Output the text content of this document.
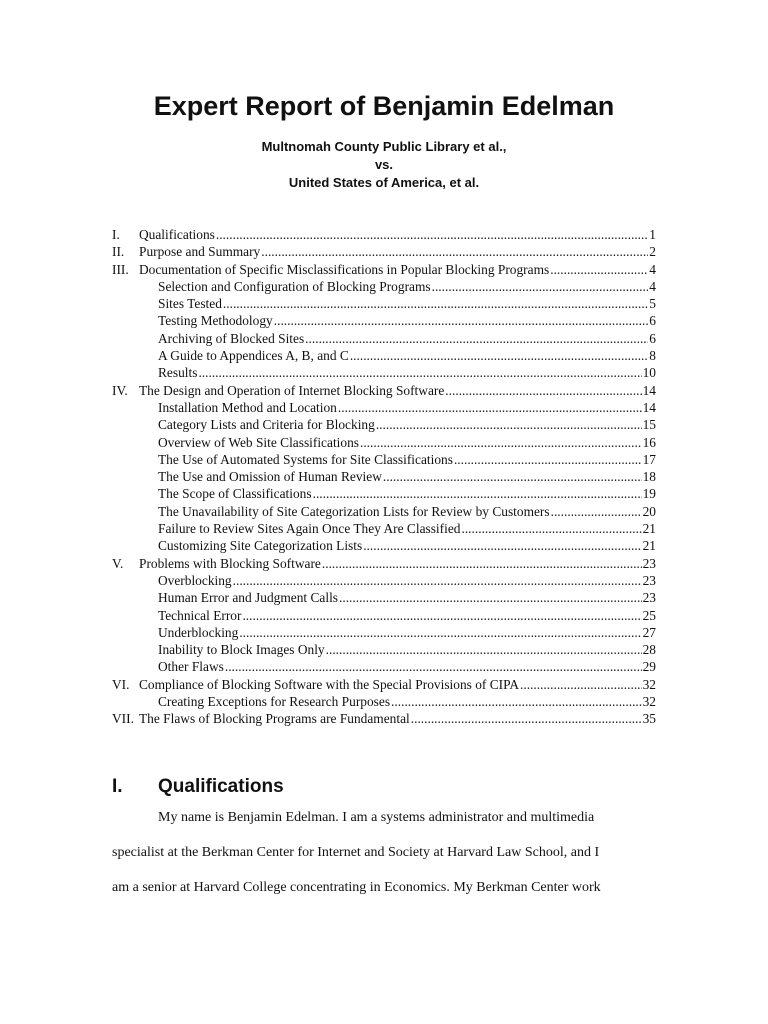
Expert Report of Benjamin Edelman
Multnomah County Public Library et al.,
vs.
United States of America, et al.
I.	Qualifications .....	1
II.	Purpose and Summary .....	2
III. Documentation of Specific Misclassifications in Popular Blocking Programs .....	4
Selection and Configuration of Blocking Programs .....	4
Sites Tested .....	5
Testing Methodology .....	6
Archiving of Blocked Sites .....	6
A Guide to Appendices A, B, and C .....	8
Results .....	10
IV. The Design and Operation of Internet Blocking Software .....	14
Installation Method and Location .....	14
Category Lists and Criteria for Blocking .....	15
Overview of Web Site Classifications .....	16
The Use of Automated Systems for Site Classifications .....	17
The Use and Omission of Human Review .....	18
The Scope of Classifications .....	19
The Unavailability of Site Categorization Lists for Review by Customers .....	20
Failure to Review Sites Again Once They Are Classified .....	21
Customizing Site Categorization Lists .....	21
V.	Problems with Blocking Software .....	23
Overblocking .....	23
Human Error and Judgment Calls .....	23
Technical Error .....	25
Underblocking .....	27
Inability to Block Images Only .....	28
Other Flaws .....	29
VI. Compliance of Blocking Software with the Special Provisions of CIPA .....	32
Creating Exceptions for Research Purposes .....	32
VII. The Flaws of Blocking Programs are Fundamental .....	35
I. Qualifications
My name is Benjamin Edelman. I am a systems administrator and multimedia
specialist at the Berkman Center for Internet and Society at Harvard Law School, and I
am a senior at Harvard College concentrating in Economics. My Berkman Center work
